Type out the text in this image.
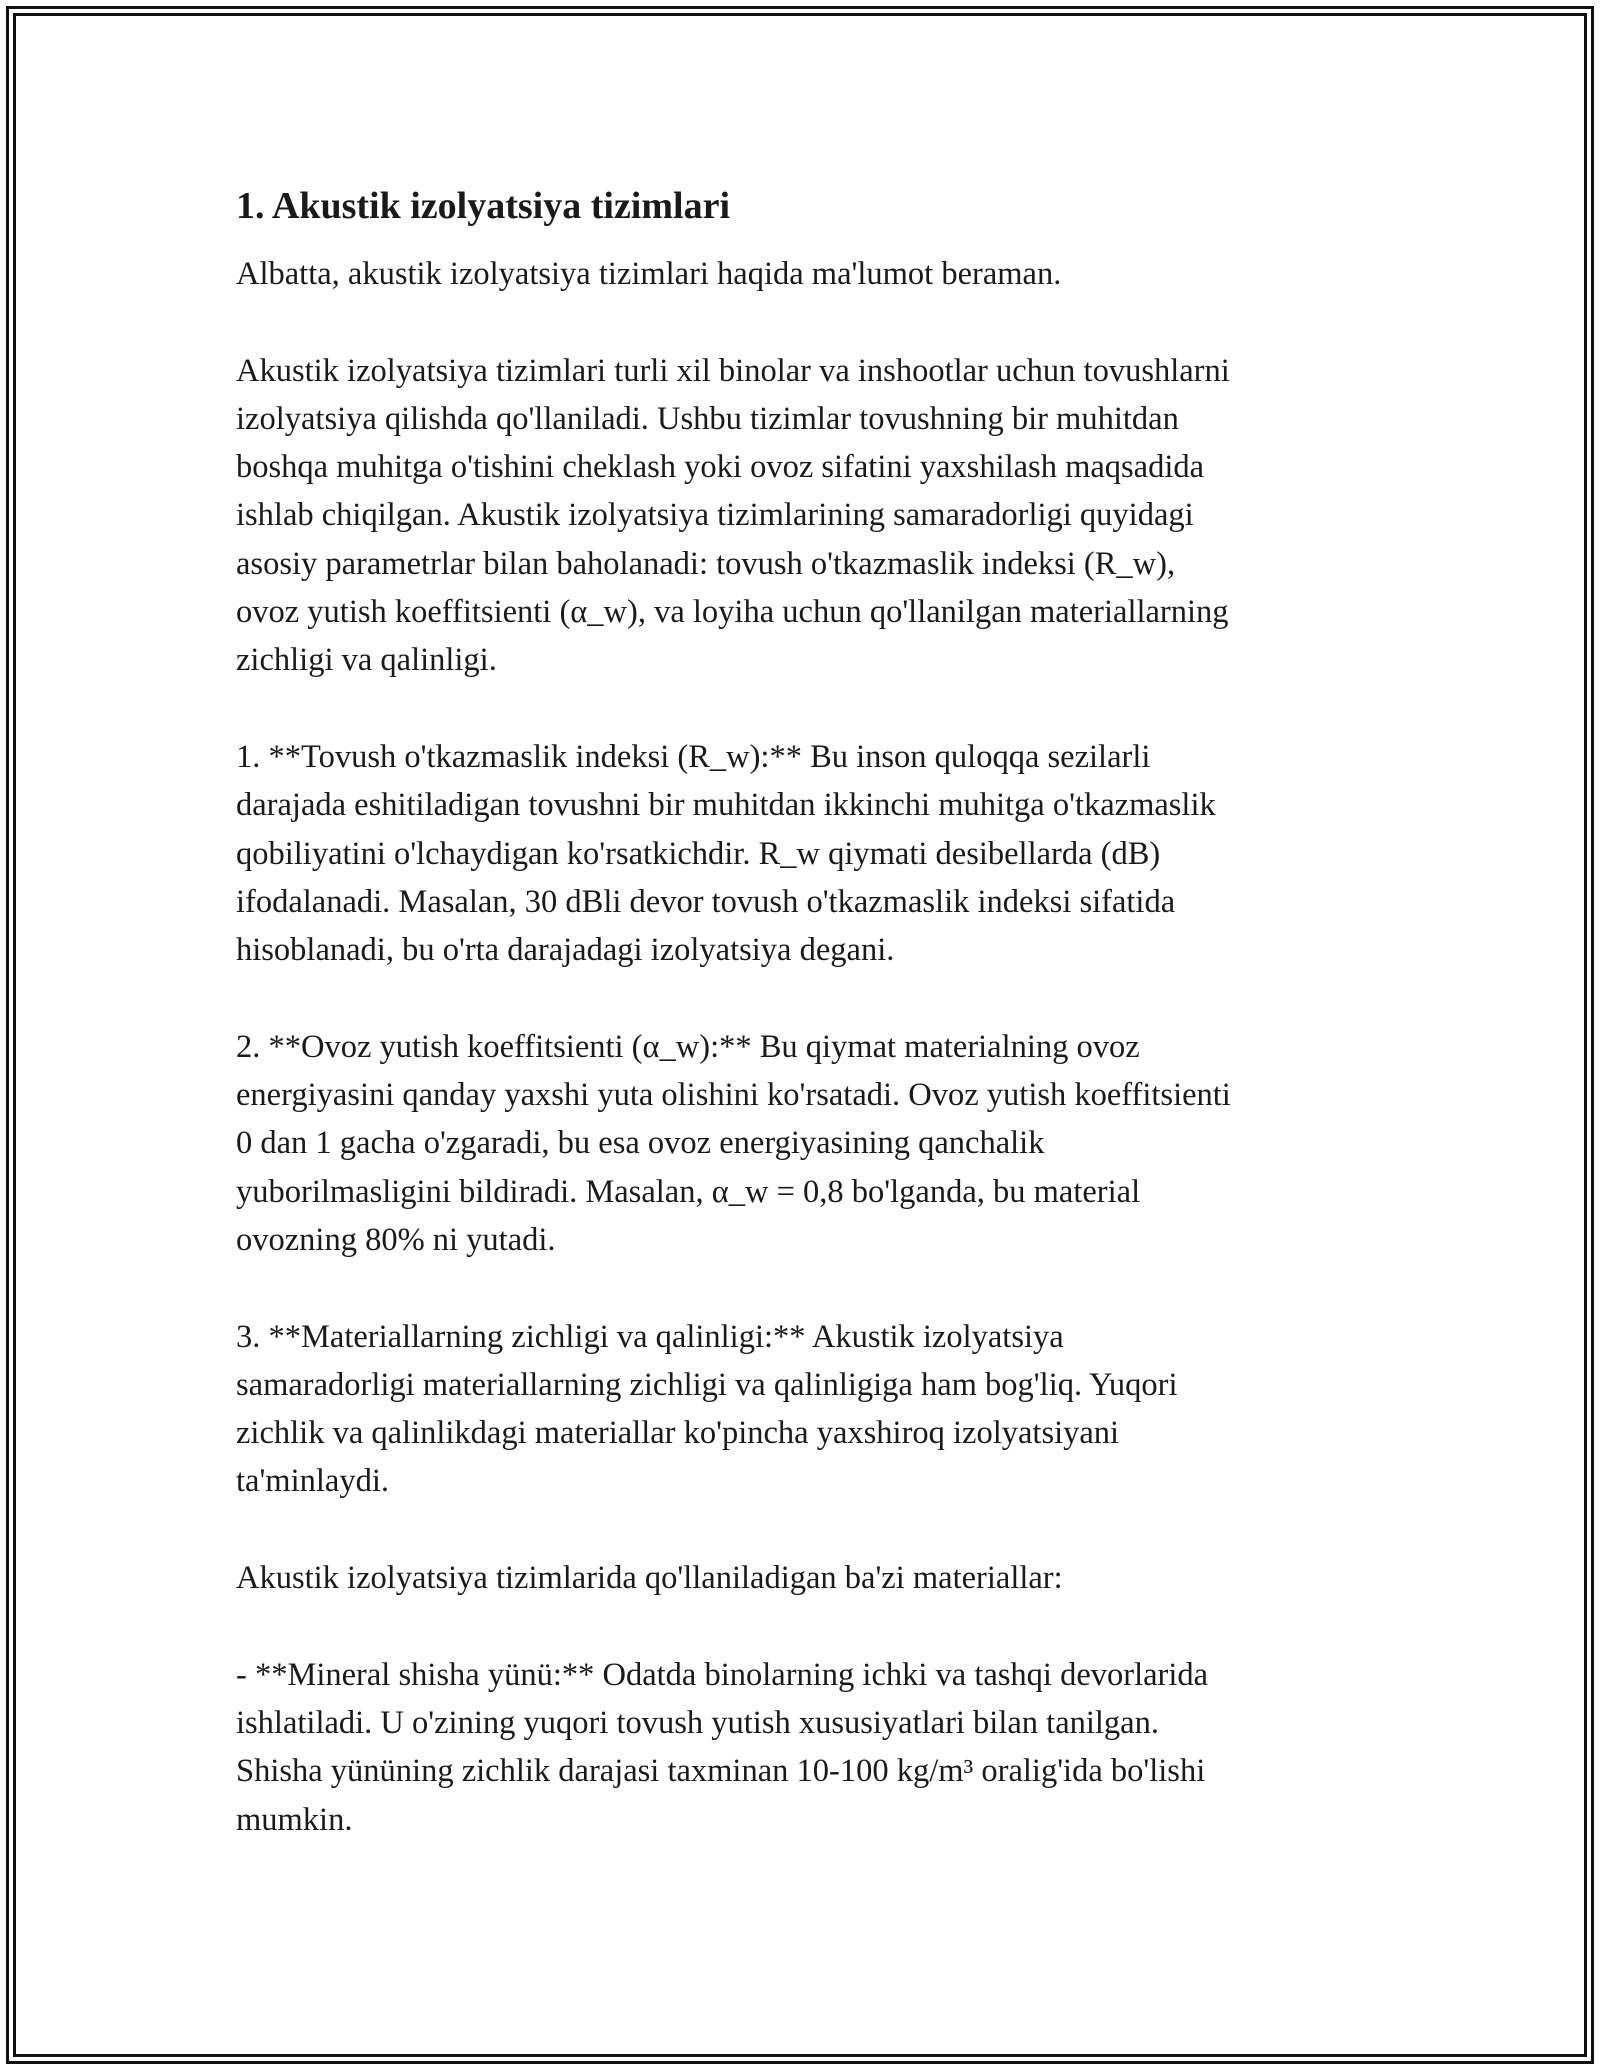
1. Akustik izolyatsiya tizimlari

Albatta, akustik izolyatsiya tizimlari haqida ma'lumot beraman.

Akustik izolyatsiya tizimlari turli xil binolar va inshootlar uchun tovushlarni
izolyatsiya qilishda qo'llaniladi. Ushbu tizimlar tovushning bir muhitdan
boshqa muhitga o'tishini cheklash yoki ovoz sifatini yaxshilash maqsadida
ishlab chiqilgan. Akustik izolyatsiya tizimlarining samaradorligi quyidagi
asosiy parametrlar bilan baholanadi: tovush o'tkazmaslik indeksi (R_w),
ovoz yutish koeffitsienti (α_w), va loyiha uchun qo'llanilgan materiallarning
zichligi va qalinligi.

1. **Tovush o'tkazmaslik indeksi (R_w):** Bu inson quloqqa sezilarli
darajada eshitiladigan tovushni bir muhitdan ikkinchi muhitga o'tkazmaslik
qobiliyatini o'lchaydigan ko'rsatkichdir. R_w qiymati desibellarda (dB)
ifodalanadi. Masalan, 30 dBli devor tovush o'tkazmaslik indeksi sifatida
hisoblanadi, bu o'rta darajadagi izolyatsiya degani.

2. **Ovoz yutish koeffitsienti (α_w):** Bu qiymat materialning ovoz
energiyasini qanday yaxshi yuta olishini ko'rsatadi. Ovoz yutish koeffitsienti
0 dan 1 gacha o'zgaradi, bu esa ovoz energiyasining qanchalik
yuborilmasligini bildiradi. Masalan, α_w = 0,8 bo'lganda, bu material
ovozning 80% ni yutadi.

3. **Materiallarning zichligi va qalinligi:** Akustik izolyatsiya
samaradorligi materiallarning zichligi va qalinligiga ham bog'liq. Yuqori
zichlik va qalinlikdagi materiallar ko'pincha yaxshiroq izolyatsiyani
ta'minlaydi.

Akustik izolyatsiya tizimlarida qo'llaniladigan ba'zi materiallar:

- **Mineral shisha yünü:** Odatda binolarning ichki va tashqi devorlarida
ishlatiladi. U o'zining yuqori tovush yutish xususiyatlari bilan tanilgan.
Shisha yününing zichlik darajasi taxminan 10-100 kg/m³ oralig'ida bo'lishi
mumkin.
